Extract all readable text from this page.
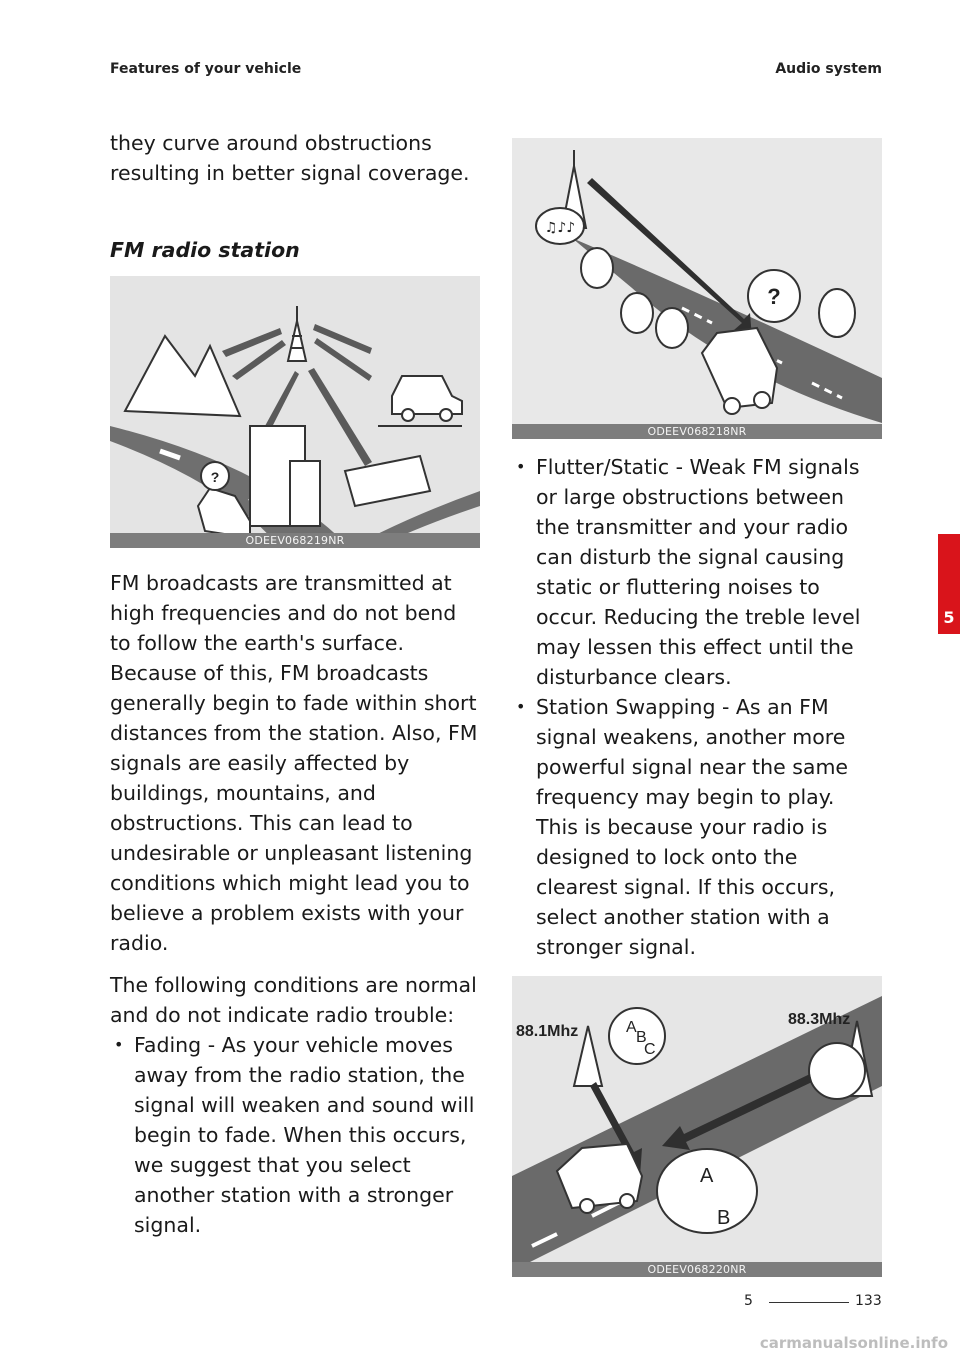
Features of your vehicle	Audio system

they curve around obstructions resulting in better signal coverage.

FM radio station
?
ODEEV068219NR

FM broadcasts are transmitted at high frequencies and do not bend to follow the earth's surface. Because of this, FM broadcasts generally begin to fade within short distances from the station. Also, FM signals are easily affected by buildings, mountains, and obstructions. This can lead to undesirable or unpleasant listening conditions which might lead you to believe a problem exists with your radio.

The following conditions are normal and do not indicate radio trouble:

• Fading - As your vehicle moves away from the radio station, the signal will weaken and sound will begin to fade. When this occurs, we suggest that you select another station with a stronger signal.
♫♪♪
?
ODEEV068218NR
• Flutter/Static - Weak FM signals or large obstructions between the transmitter and your radio can disturb the signal causing static or fluttering noises to occur. Reducing the treble level may lessen this effect until the disturbance clears.
• Station Swapping - As an FM signal weakens, another more powerful signal near the same frequency may begin to play. This is because your radio is designed to lock onto the clearest signal. If this occurs, select another station with a stronger signal.
88.1Mhz
88.3Mhz
A
B
C
A
B
ODEEV068220NR
5
5	133
carmanualsonline.info
